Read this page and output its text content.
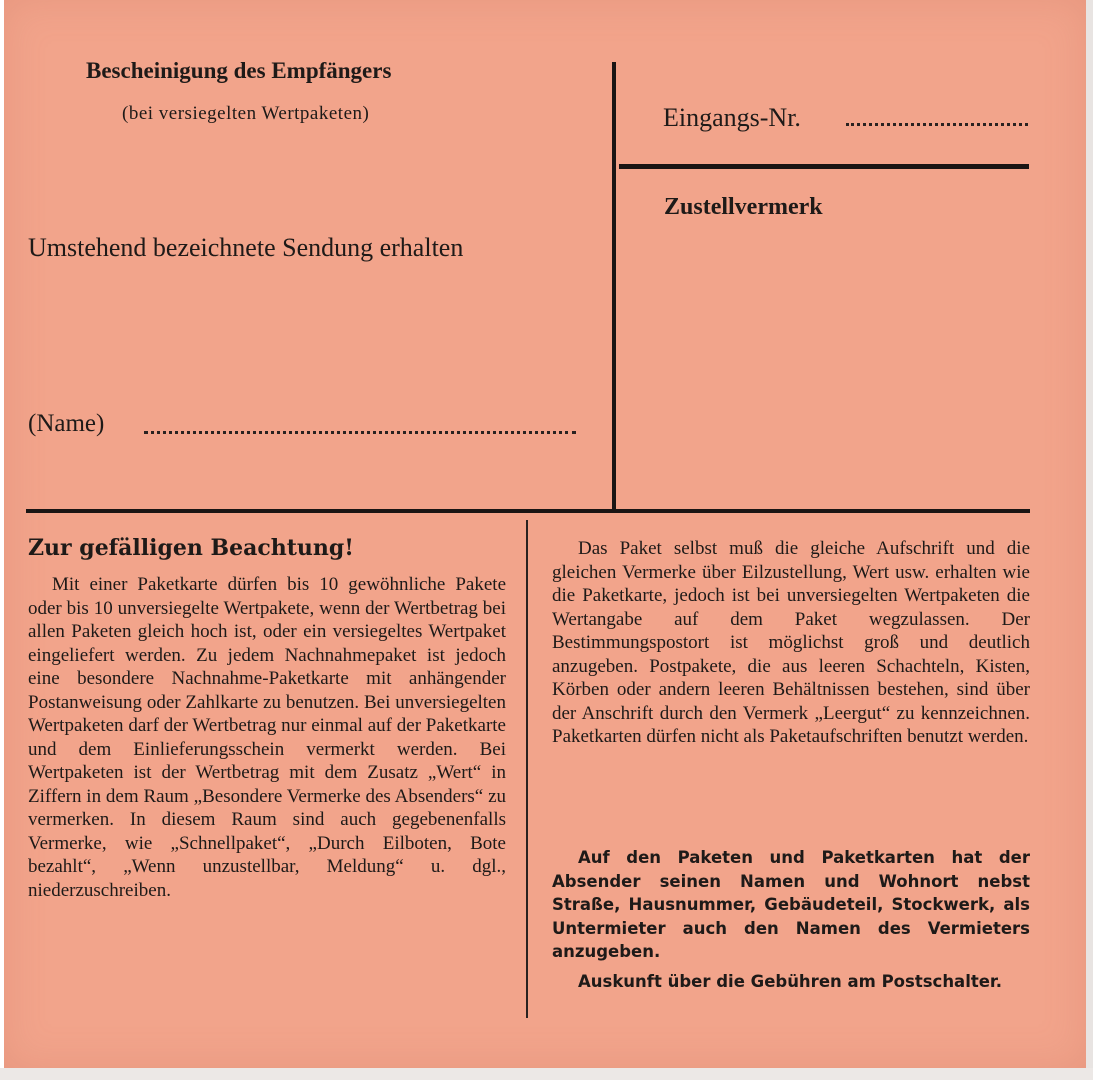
Bescheinigung des Empfängers
(bei versiegelten Wertpaketen)
Umstehend bezeichnete Sendung erhalten
(Name)
Eingangs-Nr.
Zustellvermerk
Zur gefälligen Beachtung!
Mit einer Paketkarte dürfen bis 10 gewöhnliche Pakete oder bis 10 unversiegelte Wertpakete, wenn der Wertbetrag bei allen Paketen gleich hoch ist, oder ein versiegeltes Wertpaket eingeliefert werden. Zu jedem Nachnahmepaket ist jedoch eine besondere Nachnahme-Paketkarte mit anhängender Postanweisung oder Zahlkarte zu benutzen. Bei unversiegelten Wertpaketen darf der Wertbetrag nur einmal auf der Paketkarte und dem Einlieferungsschein vermerkt werden. Bei Wertpaketen ist der Wertbetrag mit dem Zusatz „Wert“ in Ziffern in dem Raum „Besondere Vermerke des Absenders“ zu vermerken. In diesem Raum sind auch gegebenenfalls Vermerke, wie „Schnellpaket“, „Durch Eilboten, Bote bezahlt“, „Wenn unzustellbar, Meldung“ u. dgl., niederzuschreiben.
Das Paket selbst muß die gleiche Aufschrift und die gleichen Vermerke über Eilzustellung, Wert usw. erhalten wie die Paketkarte, jedoch ist bei unversiegelten Wertpaketen die Wertangabe auf dem Paket wegzulassen. Der Bestimmungspostort ist möglichst groß und deutlich anzugeben. Postpakete, die aus leeren Schachteln, Kisten, Körben oder andern leeren Behältnissen bestehen, sind über der Anschrift durch den Vermerk „Leergut“ zu kennzeichnen. Paketkarten dürfen nicht als Paketaufschriften benutzt werden.
Auf den Paketen und Paketkarten hat der Absender seinen Namen und Wohnort nebst Straße, Hausnummer, Gebäudeteil, Stockwerk, als Untermieter auch den Namen des Vermieters anzugeben.
Auskunft über die Gebühren am Postschalter.
